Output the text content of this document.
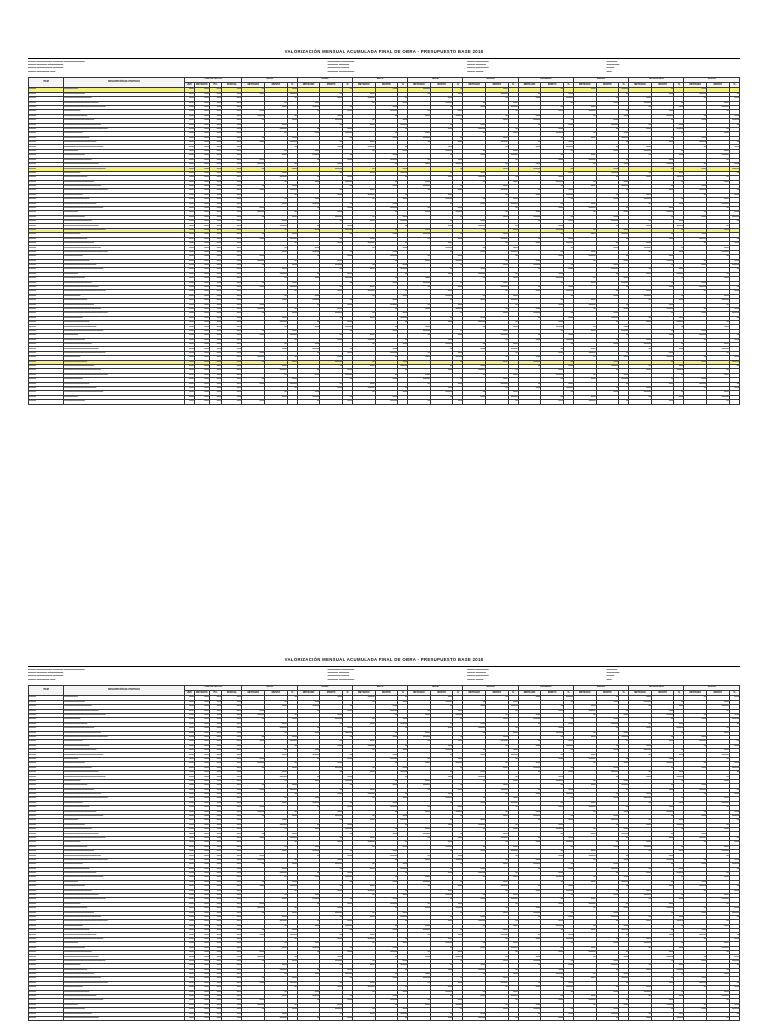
VALORIZACIÓN MENSUAL ACUMULADA FINAL DE OBRA - PRESUPUESTO BASE 2018
▬▬▬ ▬▬▬▬▬▬ ▬▬▬▬ ▬▬▬▬▬▬▬▬
▬▬▬ ▬▬▬▬ ▬▬▬▬▬▬
▬▬▬ ▬▬▬▬▬▬ ▬▬▬▬
▬▬▬ ▬▬▬▬▬ ▬▬
▬▬▬▬▬ ▬▬▬▬▬
▬▬▬▬ ▬▬▬▬
▬▬▬▬▬ ▬▬▬
▬▬▬▬ ▬▬▬▬▬▬
▬▬▬ ▬▬▬▬▬
▬▬▬ ▬▬▬▬
▬▬▬ ▬▬▬▬▬
▬▬▬ ▬▬▬
▬▬▬▬
▬▬▬▬▬
▬▬▬
▬▬
ITEM	DESCRIPCIÓN DE PARTIDAS	PRESUPUESTO				JULIO			JUNIO			MAYO			ABRIL			MARZO			FEBRERO			ENERO			ACUMULADO			SALDO		
		UND	METRADO	P.U.	PARCIAL	METRADO	MONTO	%	METRADO	MONTO	%	METRADO	MONTO	%	METRADO	MONTO	%	METRADO	MONTO	%	METRADO	MONTO	%	METRADO	MONTO	%	METRADO	MONTO	%	METRADO	MONTO	%
▬▬▬	▬▬▬▬▬▬	▬▬	▬▬	▬▬	▬▬	▬		▬▬			▬		▬▬		▬▬▬		▬		▬▬			▬		▬▬		▬▬▬		▬		▬▬		
▬▬▬	▬▬▬▬▬▬▬▬▬	▬▬	▬▬	▬▬	▬▬	▬▬		▬▬▬		▬		▬▬			▬		▬▬		▬▬▬		▬		▬▬			▬		▬▬		▬▬▬		▬
▬▬▬	▬▬▬▬▬▬▬▬▬▬▬▬	▬▬	▬▬	▬▬	▬▬			▬		▬▬		▬▬▬		▬		▬▬			▬		▬▬		▬▬▬		▬		▬▬			▬		▬▬
▬▬▬	▬▬▬▬▬▬▬▬▬▬▬▬▬▬▬	▬▬	▬▬	▬▬	▬▬		▬		▬▬			▬		▬▬		▬▬▬		▬		▬▬			▬		▬▬		▬▬▬		▬		▬▬	
▬▬▬	▬▬▬▬▬▬▬▬▬▬▬▬▬▬▬▬▬▬	▬▬	▬▬	▬▬	▬▬		▬▬		▬▬▬		▬		▬▬			▬		▬▬		▬▬▬		▬		▬▬			▬		▬▬		▬▬▬	
▬▬▬	▬▬▬▬▬▬▬	▬▬	▬▬	▬▬	▬▬	▬▬			▬		▬▬		▬▬▬		▬		▬▬			▬		▬▬		▬▬▬		▬		▬▬			▬	
▬▬▬	▬▬▬▬▬▬▬▬▬▬	▬▬	▬▬	▬▬	▬▬	▬▬▬		▬		▬▬			▬		▬▬		▬▬▬		▬		▬▬			▬		▬▬		▬▬▬		▬		▬▬
▬▬▬	▬▬▬▬▬▬▬▬▬▬▬▬▬	▬▬	▬▬	▬▬	▬▬	▬		▬▬		▬▬▬		▬		▬▬			▬		▬▬		▬▬▬		▬		▬▬			▬		▬▬		▬▬▬
▬▬▬	▬▬▬▬▬▬▬▬▬▬▬▬▬▬▬▬	▬▬	▬▬	▬▬	▬▬		▬▬			▬		▬▬		▬▬▬		▬		▬▬			▬		▬▬		▬▬▬		▬		▬▬			▬
▬▬▬	▬▬▬▬▬▬▬▬▬▬▬▬▬▬▬▬▬▬▬	▬▬	▬▬	▬▬	▬▬		▬▬▬		▬		▬▬			▬		▬▬		▬▬▬		▬		▬▬			▬		▬▬		▬▬▬		▬	
▬▬▬	▬▬▬▬▬▬▬▬	▬▬	▬▬	▬▬	▬▬		▬		▬▬		▬▬▬		▬		▬▬			▬		▬▬		▬▬▬		▬		▬▬			▬		▬▬	
▬▬▬	▬▬▬▬▬▬▬▬▬▬▬	▬▬	▬▬	▬▬	▬▬	▬		▬▬			▬		▬▬		▬▬▬		▬		▬▬			▬		▬▬		▬▬▬		▬		▬▬		
▬▬▬	▬▬▬▬▬▬▬▬▬▬▬▬▬▬	▬▬	▬▬	▬▬	▬▬	▬▬		▬▬▬		▬		▬▬			▬		▬▬		▬▬▬		▬		▬▬			▬		▬▬		▬▬▬		▬
▬▬▬	▬▬▬▬▬▬▬▬▬▬▬▬▬▬▬▬▬	▬▬	▬▬	▬▬	▬▬			▬		▬▬		▬▬▬		▬		▬▬			▬		▬▬		▬▬▬		▬		▬▬			▬		▬▬
▬▬▬	▬▬▬▬▬▬	▬▬	▬▬	▬▬	▬▬		▬		▬▬			▬		▬▬		▬▬▬		▬		▬▬			▬		▬▬		▬▬▬		▬		▬▬	
▬▬▬	▬▬▬▬▬▬▬▬▬	▬▬	▬▬	▬▬	▬▬		▬▬		▬▬▬		▬		▬▬			▬		▬▬		▬▬▬		▬		▬▬			▬		▬▬		▬▬▬	
▬▬▬	▬▬▬▬▬▬▬▬▬▬▬▬	▬▬	▬▬	▬▬	▬▬	▬▬			▬		▬▬		▬▬▬		▬		▬▬			▬		▬▬		▬▬▬		▬		▬▬			▬	
▬▬▬	▬▬▬▬▬▬▬▬▬▬▬▬▬▬▬	▬▬	▬▬	▬▬	▬▬	▬▬▬		▬		▬▬			▬		▬▬		▬▬▬		▬		▬▬			▬		▬▬		▬▬▬		▬		▬▬
▬▬▬	▬▬▬▬▬▬▬▬▬▬▬▬▬▬▬▬▬▬	▬▬	▬▬	▬▬	▬▬	▬		▬▬		▬▬▬		▬		▬▬			▬		▬▬		▬▬▬		▬		▬▬			▬		▬▬		▬▬▬
▬▬▬	▬▬▬▬▬▬▬	▬▬	▬▬	▬▬	▬▬		▬▬			▬		▬▬		▬▬▬		▬		▬▬			▬		▬▬		▬▬▬		▬		▬▬			▬
▬▬▬	▬▬▬▬▬▬▬▬▬▬	▬▬	▬▬	▬▬	▬▬		▬▬▬		▬		▬▬			▬		▬▬		▬▬▬		▬		▬▬			▬		▬▬		▬▬▬		▬	
▬▬▬	▬▬▬▬▬▬▬▬▬▬▬▬▬	▬▬	▬▬	▬▬	▬▬		▬		▬▬		▬▬▬		▬		▬▬			▬		▬▬		▬▬▬		▬		▬▬			▬		▬▬	
▬▬▬	▬▬▬▬▬▬▬▬▬▬▬▬▬▬▬▬	▬▬	▬▬	▬▬	▬▬	▬		▬▬			▬		▬▬		▬▬▬		▬		▬▬			▬		▬▬		▬▬▬		▬		▬▬		
▬▬▬	▬▬▬▬▬▬▬▬▬▬▬▬▬▬▬▬▬▬▬	▬▬	▬▬	▬▬	▬▬	▬▬		▬▬▬		▬		▬▬			▬		▬▬		▬▬▬		▬		▬▬			▬		▬▬		▬▬▬		▬
▬▬▬	▬▬▬▬▬▬▬▬	▬▬	▬▬	▬▬	▬▬			▬		▬▬		▬▬▬		▬		▬▬			▬		▬▬		▬▬▬		▬		▬▬			▬		▬▬
▬▬▬	▬▬▬▬▬▬▬▬▬▬▬	▬▬	▬▬	▬▬	▬▬		▬		▬▬			▬		▬▬		▬▬▬		▬		▬▬			▬		▬▬		▬▬▬		▬		▬▬	
▬▬▬	▬▬▬▬▬▬▬▬▬▬▬▬▬▬	▬▬	▬▬	▬▬	▬▬		▬▬		▬▬▬		▬		▬▬			▬		▬▬		▬▬▬		▬		▬▬			▬		▬▬		▬▬▬	
▬▬▬	▬▬▬▬▬▬▬▬▬▬▬▬▬▬▬▬▬	▬▬	▬▬	▬▬	▬▬	▬▬			▬		▬▬		▬▬▬		▬		▬▬			▬		▬▬		▬▬▬		▬		▬▬			▬	
▬▬▬	▬▬▬▬▬▬	▬▬	▬▬	▬▬	▬▬	▬▬▬		▬		▬▬			▬		▬▬		▬▬▬		▬		▬▬			▬		▬▬		▬▬▬		▬		▬▬
▬▬▬	▬▬▬▬▬▬▬▬▬	▬▬	▬▬	▬▬	▬▬	▬		▬▬		▬▬▬		▬		▬▬			▬		▬▬		▬▬▬		▬		▬▬			▬		▬▬		▬▬▬
▬▬▬	▬▬▬▬▬▬▬▬▬▬▬▬	▬▬	▬▬	▬▬	▬▬		▬▬			▬		▬▬		▬▬▬		▬		▬▬			▬		▬▬		▬▬▬		▬		▬▬			▬
▬▬▬	▬▬▬▬▬▬▬▬▬▬▬▬▬▬▬	▬▬	▬▬	▬▬	▬▬		▬▬▬		▬		▬▬			▬		▬▬		▬▬▬		▬		▬▬			▬		▬▬		▬▬▬		▬	
▬▬▬	▬▬▬▬▬▬▬▬▬▬▬▬▬▬▬▬▬▬	▬▬	▬▬	▬▬	▬▬		▬		▬▬		▬▬▬		▬		▬▬			▬		▬▬		▬▬▬		▬		▬▬			▬		▬▬	
▬▬▬	▬▬▬▬▬▬▬	▬▬	▬▬	▬▬	▬▬	▬		▬▬			▬		▬▬		▬▬▬		▬		▬▬			▬		▬▬		▬▬▬		▬		▬▬		
▬▬▬	▬▬▬▬▬▬▬▬▬▬	▬▬	▬▬	▬▬	▬▬	▬▬		▬▬▬		▬		▬▬			▬		▬▬		▬▬▬		▬		▬▬			▬		▬▬		▬▬▬		▬
▬▬▬	▬▬▬▬▬▬▬▬▬▬▬▬▬	▬▬	▬▬	▬▬	▬▬			▬		▬▬		▬▬▬		▬		▬▬			▬		▬▬		▬▬▬		▬		▬▬			▬		▬▬
▬▬▬	▬▬▬▬▬▬▬▬▬▬▬▬▬▬▬▬	▬▬	▬▬	▬▬	▬▬		▬		▬▬			▬		▬▬		▬▬▬		▬		▬▬			▬		▬▬		▬▬▬		▬		▬▬	
▬▬▬	▬▬▬▬▬▬▬▬▬▬▬▬▬▬▬▬▬▬▬	▬▬	▬▬	▬▬	▬▬		▬▬		▬▬▬		▬		▬▬			▬		▬▬		▬▬▬		▬		▬▬			▬		▬▬		▬▬▬	
▬▬▬	▬▬▬▬▬▬▬▬	▬▬	▬▬	▬▬	▬▬	▬▬			▬		▬▬		▬▬▬		▬		▬▬			▬		▬▬		▬▬▬		▬		▬▬			▬	
▬▬▬	▬▬▬▬▬▬▬▬▬▬▬	▬▬	▬▬	▬▬	▬▬	▬▬▬		▬		▬▬			▬		▬▬		▬▬▬		▬		▬▬			▬		▬▬		▬▬▬		▬		▬▬
▬▬▬	▬▬▬▬▬▬▬▬▬▬▬▬▬▬	▬▬	▬▬	▬▬	▬▬	▬		▬▬		▬▬▬		▬		▬▬			▬		▬▬		▬▬▬		▬		▬▬			▬		▬▬		▬▬▬
▬▬▬	▬▬▬▬▬▬▬▬▬▬▬▬▬▬▬▬▬	▬▬	▬▬	▬▬	▬▬		▬▬			▬		▬▬		▬▬▬		▬		▬▬			▬		▬▬		▬▬▬		▬		▬▬			▬
▬▬▬	▬▬▬▬▬▬	▬▬	▬▬	▬▬	▬▬		▬▬▬		▬		▬▬			▬		▬▬		▬▬▬		▬		▬▬			▬		▬▬		▬▬▬		▬	
▬▬▬	▬▬▬▬▬▬▬▬▬	▬▬	▬▬	▬▬	▬▬		▬		▬▬		▬▬▬		▬		▬▬			▬		▬▬		▬▬▬		▬		▬▬			▬		▬▬	
▬▬▬	▬▬▬▬▬▬▬▬▬▬▬▬	▬▬	▬▬	▬▬	▬▬	▬		▬▬			▬		▬▬		▬▬▬		▬		▬▬			▬		▬▬		▬▬▬		▬		▬▬		
▬▬▬	▬▬▬▬▬▬▬▬▬▬▬▬▬▬▬	▬▬	▬▬	▬▬	▬▬	▬▬		▬▬▬		▬		▬▬			▬		▬▬		▬▬▬		▬		▬▬			▬		▬▬		▬▬▬		▬
▬▬▬	▬▬▬▬▬▬▬▬▬▬▬▬▬▬▬▬▬▬	▬▬	▬▬	▬▬	▬▬			▬		▬▬		▬▬▬		▬		▬▬			▬		▬▬		▬▬▬		▬		▬▬			▬		▬▬
▬▬▬	▬▬▬▬▬▬▬	▬▬	▬▬	▬▬	▬▬		▬		▬▬			▬		▬▬		▬▬▬		▬		▬▬			▬		▬▬		▬▬▬		▬		▬▬	
▬▬▬	▬▬▬▬▬▬▬▬▬▬	▬▬	▬▬	▬▬	▬▬		▬▬		▬▬▬		▬		▬▬			▬		▬▬		▬▬▬		▬		▬▬			▬		▬▬		▬▬▬	
▬▬▬	▬▬▬▬▬▬▬▬▬▬▬▬▬	▬▬	▬▬	▬▬	▬▬	▬▬			▬		▬▬		▬▬▬		▬		▬▬			▬		▬▬		▬▬▬		▬		▬▬			▬	
▬▬▬	▬▬▬▬▬▬▬▬▬▬▬▬▬▬▬▬	▬▬	▬▬	▬▬	▬▬	▬▬▬		▬		▬▬			▬		▬▬		▬▬▬		▬		▬▬			▬		▬▬		▬▬▬		▬		▬▬
▬▬▬	▬▬▬▬▬▬▬▬▬▬▬▬▬▬▬▬▬▬▬	▬▬	▬▬	▬▬	▬▬	▬		▬▬		▬▬▬		▬		▬▬			▬		▬▬		▬▬▬		▬		▬▬			▬		▬▬		▬▬▬
▬▬▬	▬▬▬▬▬▬▬▬	▬▬	▬▬	▬▬	▬▬		▬▬			▬		▬▬		▬▬▬		▬		▬▬			▬		▬▬		▬▬▬		▬		▬▬			▬
▬▬▬	▬▬▬▬▬▬▬▬▬▬▬	▬▬	▬▬	▬▬	▬▬		▬▬▬		▬		▬▬			▬		▬▬		▬▬▬		▬		▬▬			▬		▬▬		▬▬▬		▬	
▬▬▬	▬▬▬▬▬▬▬▬▬▬▬▬▬▬	▬▬	▬▬	▬▬	▬▬		▬		▬▬		▬▬▬		▬		▬▬			▬		▬▬		▬▬▬		▬		▬▬			▬		▬▬	
▬▬▬	▬▬▬▬▬▬▬▬▬▬▬▬▬▬▬▬▬	▬▬	▬▬	▬▬	▬▬	▬		▬▬			▬		▬▬		▬▬▬		▬		▬▬			▬		▬▬		▬▬▬		▬		▬▬		
▬▬▬	▬▬▬▬▬▬	▬▬	▬▬	▬▬	▬▬	▬▬		▬▬▬		▬		▬▬			▬		▬▬		▬▬▬		▬		▬▬			▬		▬▬		▬▬▬		▬
▬▬▬	▬▬▬▬▬▬▬▬▬	▬▬	▬▬	▬▬	▬▬			▬		▬▬		▬▬▬		▬		▬▬			▬		▬▬		▬▬▬		▬		▬▬			▬		▬▬
▬▬▬	▬▬▬▬▬▬▬▬▬▬▬▬	▬▬	▬▬	▬▬	▬▬		▬		▬▬			▬		▬▬		▬▬▬		▬		▬▬			▬		▬▬		▬▬▬		▬		▬▬	
▬▬▬	▬▬▬▬▬▬▬▬▬▬▬▬▬▬▬	▬▬	▬▬	▬▬	▬▬		▬▬		▬▬▬		▬		▬▬			▬		▬▬		▬▬▬		▬		▬▬			▬		▬▬		▬▬▬	
▬▬▬	▬▬▬▬▬▬▬▬▬▬▬▬▬▬▬▬▬▬	▬▬	▬▬	▬▬	▬▬	▬▬			▬		▬▬		▬▬▬		▬		▬▬			▬		▬▬		▬▬▬		▬		▬▬			▬	
▬▬▬	▬▬▬▬▬▬▬	▬▬	▬▬	▬▬	▬▬	▬▬▬		▬		▬▬			▬		▬▬		▬▬▬		▬		▬▬			▬		▬▬		▬▬▬		▬		▬▬
▬▬▬	▬▬▬▬▬▬▬▬▬▬	▬▬	▬▬	▬▬	▬▬	▬		▬▬		▬▬▬		▬		▬▬			▬		▬▬		▬▬▬		▬		▬▬			▬		▬▬		▬▬▬
▬▬▬	▬▬▬▬▬▬▬▬▬▬▬▬▬	▬▬	▬▬	▬▬	▬▬		▬▬			▬		▬▬		▬▬▬		▬		▬▬			▬		▬▬		▬▬▬		▬		▬▬			▬
▬▬▬	▬▬▬▬▬▬▬▬▬▬▬▬▬▬▬▬	▬▬	▬▬	▬▬	▬▬		▬▬▬		▬		▬▬			▬		▬▬		▬▬▬		▬		▬▬			▬		▬▬		▬▬▬		▬	
▬▬▬	▬▬▬▬▬▬▬▬▬▬▬▬▬▬▬▬▬▬▬	▬▬	▬▬	▬▬	▬▬		▬		▬▬		▬▬▬		▬		▬▬			▬		▬▬		▬▬▬		▬		▬▬			▬		▬▬	
▬▬▬	▬▬▬▬▬▬▬▬	▬▬	▬▬	▬▬	▬▬	▬		▬▬			▬		▬▬		▬▬▬		▬		▬▬			▬		▬▬		▬▬▬		▬		▬▬		
▬▬▬	▬▬▬▬▬▬▬▬▬▬▬	▬▬	▬▬	▬▬	▬▬	▬▬		▬▬▬		▬		▬▬			▬		▬▬		▬▬▬		▬		▬▬			▬		▬▬		▬▬▬		▬
▬▬▬	▬▬▬▬▬▬▬▬▬▬▬▬▬▬	▬▬	▬▬	▬▬	▬▬			▬		▬▬		▬▬▬		▬		▬▬			▬		▬▬		▬▬▬		▬		▬▬			▬		▬▬
▬▬▬	▬▬▬▬▬▬▬▬▬▬▬▬▬▬▬▬▬	▬▬	▬▬	▬▬	▬▬		▬		▬▬			▬		▬▬		▬▬▬		▬		▬▬			▬		▬▬		▬▬▬		▬		▬▬	
▬▬▬	▬▬▬▬▬▬	▬▬	▬▬	▬▬	▬▬		▬▬		▬▬▬		▬		▬▬			▬		▬▬		▬▬▬		▬		▬▬			▬		▬▬		▬▬▬	
▬▬▬	▬▬▬▬▬▬▬▬▬	▬▬	▬▬	▬▬	▬▬	▬▬			▬		▬▬		▬▬▬		▬		▬▬			▬		▬▬		▬▬▬		▬		▬▬			▬	
VALORIZACIÓN MENSUAL ACUMULADA FINAL DE OBRA - PRESUPUESTO BASE 2018
▬▬▬ ▬▬▬▬▬▬ ▬▬▬▬ ▬▬▬▬▬▬▬▬
▬▬▬ ▬▬▬▬ ▬▬▬▬▬▬
▬▬▬ ▬▬▬▬▬▬ ▬▬▬▬
▬▬▬ ▬▬▬▬▬ ▬▬
▬▬▬▬▬ ▬▬▬▬▬
▬▬▬▬ ▬▬▬▬
▬▬▬▬▬ ▬▬▬
▬▬▬▬ ▬▬▬▬▬▬
▬▬▬ ▬▬▬▬▬
▬▬▬ ▬▬▬▬
▬▬▬ ▬▬▬▬▬
▬▬▬ ▬▬▬
▬▬▬▬
▬▬▬▬▬
▬▬▬
▬▬
ITEM	DESCRIPCIÓN DE PARTIDAS	PRESUPUESTO				JULIO			JUNIO			MAYO			ABRIL			MARZO			FEBRERO			ENERO			ACUMULADO			SALDO		
		UND	METRADO	P.U.	PARCIAL	METRADO	MONTO	%	METRADO	MONTO	%	METRADO	MONTO	%	METRADO	MONTO	%	METRADO	MONTO	%	METRADO	MONTO	%	METRADO	MONTO	%	METRADO	MONTO	%	METRADO	MONTO	%
▬▬▬	▬▬▬▬▬▬	▬▬	▬▬	▬▬	▬▬			▬		▬▬		▬▬▬		▬		▬▬			▬		▬▬		▬▬▬		▬		▬▬			▬		▬▬
▬▬▬	▬▬▬▬▬▬▬▬▬	▬▬	▬▬	▬▬	▬▬		▬		▬▬			▬		▬▬		▬▬▬		▬		▬▬			▬		▬▬		▬▬▬		▬		▬▬	
▬▬▬	▬▬▬▬▬▬▬▬▬▬▬▬	▬▬	▬▬	▬▬	▬▬		▬▬		▬▬▬		▬		▬▬			▬		▬▬		▬▬▬		▬		▬▬			▬		▬▬		▬▬▬	
▬▬▬	▬▬▬▬▬▬▬▬▬▬▬▬▬▬▬	▬▬	▬▬	▬▬	▬▬	▬▬			▬		▬▬		▬▬▬		▬		▬▬			▬		▬▬		▬▬▬		▬		▬▬			▬	
▬▬▬	▬▬▬▬▬▬▬▬▬▬▬▬▬▬▬▬▬▬	▬▬	▬▬	▬▬	▬▬	▬▬▬		▬		▬▬			▬		▬▬		▬▬▬		▬		▬▬			▬		▬▬		▬▬▬		▬		▬▬
▬▬▬	▬▬▬▬▬▬▬	▬▬	▬▬	▬▬	▬▬	▬		▬▬		▬▬▬		▬		▬▬			▬		▬▬		▬▬▬		▬		▬▬			▬		▬▬		▬▬▬
▬▬▬	▬▬▬▬▬▬▬▬▬▬	▬▬	▬▬	▬▬	▬▬		▬▬			▬		▬▬		▬▬▬		▬		▬▬			▬		▬▬		▬▬▬		▬		▬▬			▬
▬▬▬	▬▬▬▬▬▬▬▬▬▬▬▬▬	▬▬	▬▬	▬▬	▬▬		▬▬▬		▬		▬▬			▬		▬▬		▬▬▬		▬		▬▬			▬		▬▬		▬▬▬		▬	
▬▬▬	▬▬▬▬▬▬▬▬▬▬▬▬▬▬▬▬	▬▬	▬▬	▬▬	▬▬		▬		▬▬		▬▬▬		▬		▬▬			▬		▬▬		▬▬▬		▬		▬▬			▬		▬▬	
▬▬▬	▬▬▬▬▬▬▬▬▬▬▬▬▬▬▬▬▬▬▬	▬▬	▬▬	▬▬	▬▬	▬		▬▬			▬		▬▬		▬▬▬		▬		▬▬			▬		▬▬		▬▬▬		▬		▬▬		
▬▬▬	▬▬▬▬▬▬▬▬	▬▬	▬▬	▬▬	▬▬	▬▬		▬▬▬		▬		▬▬			▬		▬▬		▬▬▬		▬		▬▬			▬		▬▬		▬▬▬		▬
▬▬▬	▬▬▬▬▬▬▬▬▬▬▬	▬▬	▬▬	▬▬	▬▬			▬		▬▬		▬▬▬		▬		▬▬			▬		▬▬		▬▬▬		▬		▬▬			▬		▬▬
▬▬▬	▬▬▬▬▬▬▬▬▬▬▬▬▬▬	▬▬	▬▬	▬▬	▬▬		▬		▬▬			▬		▬▬		▬▬▬		▬		▬▬			▬		▬▬		▬▬▬		▬		▬▬	
▬▬▬	▬▬▬▬▬▬▬▬▬▬▬▬▬▬▬▬▬	▬▬	▬▬	▬▬	▬▬		▬▬		▬▬▬		▬		▬▬			▬		▬▬		▬▬▬		▬		▬▬			▬		▬▬		▬▬▬	
▬▬▬	▬▬▬▬▬▬	▬▬	▬▬	▬▬	▬▬	▬▬			▬		▬▬		▬▬▬		▬		▬▬			▬		▬▬		▬▬▬		▬		▬▬			▬	
▬▬▬	▬▬▬▬▬▬▬▬▬	▬▬	▬▬	▬▬	▬▬	▬▬▬		▬		▬▬			▬		▬▬		▬▬▬		▬		▬▬			▬		▬▬		▬▬▬		▬		▬▬
▬▬▬	▬▬▬▬▬▬▬▬▬▬▬▬	▬▬	▬▬	▬▬	▬▬	▬		▬▬		▬▬▬		▬		▬▬			▬		▬▬		▬▬▬		▬		▬▬			▬		▬▬		▬▬▬
▬▬▬	▬▬▬▬▬▬▬▬▬▬▬▬▬▬▬	▬▬	▬▬	▬▬	▬▬		▬▬			▬		▬▬		▬▬▬		▬		▬▬			▬		▬▬		▬▬▬		▬		▬▬			▬
▬▬▬	▬▬▬▬▬▬▬▬▬▬▬▬▬▬▬▬▬▬	▬▬	▬▬	▬▬	▬▬		▬▬▬		▬		▬▬			▬		▬▬		▬▬▬		▬		▬▬			▬		▬▬		▬▬▬		▬	
▬▬▬	▬▬▬▬▬▬▬	▬▬	▬▬	▬▬	▬▬		▬		▬▬		▬▬▬		▬		▬▬			▬		▬▬		▬▬▬		▬		▬▬			▬		▬▬	
▬▬▬	▬▬▬▬▬▬▬▬▬▬	▬▬	▬▬	▬▬	▬▬	▬		▬▬			▬		▬▬		▬▬▬		▬		▬▬			▬		▬▬		▬▬▬		▬		▬▬		
▬▬▬	▬▬▬▬▬▬▬▬▬▬▬▬▬	▬▬	▬▬	▬▬	▬▬	▬▬		▬▬▬		▬		▬▬			▬		▬▬		▬▬▬		▬		▬▬			▬		▬▬		▬▬▬		▬
▬▬▬	▬▬▬▬▬▬▬▬▬▬▬▬▬▬▬▬	▬▬	▬▬	▬▬	▬▬			▬		▬▬		▬▬▬		▬		▬▬			▬		▬▬		▬▬▬		▬		▬▬			▬		▬▬
▬▬▬	▬▬▬▬▬▬▬▬▬▬▬▬▬▬▬▬▬▬▬	▬▬	▬▬	▬▬	▬▬		▬		▬▬			▬		▬▬		▬▬▬		▬		▬▬			▬		▬▬		▬▬▬		▬		▬▬	
▬▬▬	▬▬▬▬▬▬▬▬	▬▬	▬▬	▬▬	▬▬		▬▬		▬▬▬		▬		▬▬			▬		▬▬		▬▬▬		▬		▬▬			▬		▬▬		▬▬▬	
▬▬▬	▬▬▬▬▬▬▬▬▬▬▬	▬▬	▬▬	▬▬	▬▬	▬▬			▬		▬▬		▬▬▬		▬		▬▬			▬		▬▬		▬▬▬		▬		▬▬			▬	
▬▬▬	▬▬▬▬▬▬▬▬▬▬▬▬▬▬	▬▬	▬▬	▬▬	▬▬	▬▬▬		▬		▬▬			▬		▬▬		▬▬▬		▬		▬▬			▬		▬▬		▬▬▬		▬		▬▬
▬▬▬	▬▬▬▬▬▬▬▬▬▬▬▬▬▬▬▬▬	▬▬	▬▬	▬▬	▬▬	▬		▬▬		▬▬▬		▬		▬▬			▬		▬▬		▬▬▬		▬		▬▬			▬		▬▬		▬▬▬
▬▬▬	▬▬▬▬▬▬	▬▬	▬▬	▬▬	▬▬		▬▬			▬		▬▬		▬▬▬		▬		▬▬			▬		▬▬		▬▬▬		▬		▬▬			▬
▬▬▬	▬▬▬▬▬▬▬▬▬	▬▬	▬▬	▬▬	▬▬		▬▬▬		▬		▬▬			▬		▬▬		▬▬▬		▬		▬▬			▬		▬▬		▬▬▬		▬	
▬▬▬	▬▬▬▬▬▬▬▬▬▬▬▬	▬▬	▬▬	▬▬	▬▬		▬		▬▬		▬▬▬		▬		▬▬			▬		▬▬		▬▬▬		▬		▬▬			▬		▬▬	
▬▬▬	▬▬▬▬▬▬▬▬▬▬▬▬▬▬▬	▬▬	▬▬	▬▬	▬▬	▬		▬▬			▬		▬▬		▬▬▬		▬		▬▬			▬		▬▬		▬▬▬		▬		▬▬		
▬▬▬	▬▬▬▬▬▬▬▬▬▬▬▬▬▬▬▬▬▬	▬▬	▬▬	▬▬	▬▬	▬▬		▬▬▬		▬		▬▬			▬		▬▬		▬▬▬		▬		▬▬			▬		▬▬		▬▬▬		▬
▬▬▬	▬▬▬▬▬▬▬	▬▬	▬▬	▬▬	▬▬			▬		▬▬		▬▬▬		▬		▬▬			▬		▬▬		▬▬▬		▬		▬▬			▬		▬▬
▬▬▬	▬▬▬▬▬▬▬▬▬▬	▬▬	▬▬	▬▬	▬▬		▬		▬▬			▬		▬▬		▬▬▬		▬		▬▬			▬		▬▬		▬▬▬		▬		▬▬	
▬▬▬	▬▬▬▬▬▬▬▬▬▬▬▬▬	▬▬	▬▬	▬▬	▬▬		▬▬		▬▬▬		▬		▬▬			▬		▬▬		▬▬▬		▬		▬▬			▬		▬▬		▬▬▬	
▬▬▬	▬▬▬▬▬▬▬▬▬▬▬▬▬▬▬▬	▬▬	▬▬	▬▬	▬▬	▬▬			▬		▬▬		▬▬▬		▬		▬▬			▬		▬▬		▬▬▬		▬		▬▬			▬	
▬▬▬	▬▬▬▬▬▬▬▬▬▬▬▬▬▬▬▬▬▬▬	▬▬	▬▬	▬▬	▬▬	▬▬▬		▬		▬▬			▬		▬▬		▬▬▬		▬		▬▬			▬		▬▬		▬▬▬		▬		▬▬
▬▬▬	▬▬▬▬▬▬▬▬	▬▬	▬▬	▬▬	▬▬	▬		▬▬		▬▬▬		▬		▬▬			▬		▬▬		▬▬▬		▬		▬▬			▬		▬▬		▬▬▬
▬▬▬	▬▬▬▬▬▬▬▬▬▬▬	▬▬	▬▬	▬▬	▬▬		▬▬			▬		▬▬		▬▬▬		▬		▬▬			▬		▬▬		▬▬▬		▬		▬▬			▬
▬▬▬	▬▬▬▬▬▬▬▬▬▬▬▬▬▬	▬▬	▬▬	▬▬	▬▬		▬▬▬		▬		▬▬			▬		▬▬		▬▬▬		▬		▬▬			▬		▬▬		▬▬▬		▬	
▬▬▬	▬▬▬▬▬▬▬▬▬▬▬▬▬▬▬▬▬	▬▬	▬▬	▬▬	▬▬		▬		▬▬		▬▬▬		▬		▬▬			▬		▬▬		▬▬▬		▬		▬▬			▬		▬▬	
▬▬▬	▬▬▬▬▬▬	▬▬	▬▬	▬▬	▬▬	▬		▬▬			▬		▬▬		▬▬▬		▬		▬▬			▬		▬▬		▬▬▬		▬		▬▬		
▬▬▬	▬▬▬▬▬▬▬▬▬	▬▬	▬▬	▬▬	▬▬	▬▬		▬▬▬		▬		▬▬			▬		▬▬		▬▬▬		▬		▬▬			▬		▬▬		▬▬▬		▬
▬▬▬	▬▬▬▬▬▬▬▬▬▬▬▬	▬▬	▬▬	▬▬	▬▬			▬		▬▬		▬▬▬		▬		▬▬			▬		▬▬		▬▬▬		▬		▬▬			▬		▬▬
▬▬▬	▬▬▬▬▬▬▬▬▬▬▬▬▬▬▬	▬▬	▬▬	▬▬	▬▬		▬		▬▬			▬		▬▬		▬▬▬		▬		▬▬			▬		▬▬		▬▬▬		▬		▬▬	
▬▬▬	▬▬▬▬▬▬▬▬▬▬▬▬▬▬▬▬▬▬	▬▬	▬▬	▬▬	▬▬		▬▬		▬▬▬		▬		▬▬			▬		▬▬		▬▬▬		▬		▬▬			▬		▬▬		▬▬▬	
▬▬▬	▬▬▬▬▬▬▬	▬▬	▬▬	▬▬	▬▬	▬▬			▬		▬▬		▬▬▬		▬		▬▬			▬		▬▬		▬▬▬		▬		▬▬			▬	
▬▬▬	▬▬▬▬▬▬▬▬▬▬	▬▬	▬▬	▬▬	▬▬	▬▬▬		▬		▬▬			▬		▬▬		▬▬▬		▬		▬▬			▬		▬▬		▬▬▬		▬		▬▬
▬▬▬	▬▬▬▬▬▬▬▬▬▬▬▬▬	▬▬	▬▬	▬▬	▬▬	▬		▬▬		▬▬▬		▬		▬▬			▬		▬▬		▬▬▬		▬		▬▬			▬		▬▬		▬▬▬
▬▬▬	▬▬▬▬▬▬▬▬▬▬▬▬▬▬▬▬	▬▬	▬▬	▬▬	▬▬		▬▬			▬		▬▬		▬▬▬		▬		▬▬			▬		▬▬		▬▬▬		▬		▬▬			▬
▬▬▬	▬▬▬▬▬▬▬▬▬▬▬▬▬▬▬▬▬▬▬	▬▬	▬▬	▬▬	▬▬		▬▬▬		▬		▬▬			▬		▬▬		▬▬▬		▬		▬▬			▬		▬▬		▬▬▬		▬	
▬▬▬	▬▬▬▬▬▬▬▬	▬▬	▬▬	▬▬	▬▬		▬		▬▬		▬▬▬		▬		▬▬			▬		▬▬		▬▬▬		▬		▬▬			▬		▬▬	
▬▬▬	▬▬▬▬▬▬▬▬▬▬▬	▬▬	▬▬	▬▬	▬▬	▬		▬▬			▬		▬▬		▬▬▬		▬		▬▬			▬		▬▬		▬▬▬		▬		▬▬		
▬▬▬	▬▬▬▬▬▬▬▬▬▬▬▬▬▬	▬▬	▬▬	▬▬	▬▬	▬▬		▬▬▬		▬		▬▬			▬		▬▬		▬▬▬		▬		▬▬			▬		▬▬		▬▬▬		▬
▬▬▬	▬▬▬▬▬▬▬▬▬▬▬▬▬▬▬▬▬	▬▬	▬▬	▬▬	▬▬			▬		▬▬		▬▬▬		▬		▬▬			▬		▬▬		▬▬▬		▬		▬▬			▬		▬▬
▬▬▬	▬▬▬▬▬▬	▬▬	▬▬	▬▬	▬▬		▬		▬▬			▬		▬▬		▬▬▬		▬		▬▬			▬		▬▬		▬▬▬		▬		▬▬	
▬▬▬	▬▬▬▬▬▬▬▬▬	▬▬	▬▬	▬▬	▬▬		▬▬		▬▬▬		▬		▬▬			▬		▬▬		▬▬▬		▬		▬▬			▬		▬▬		▬▬▬	
▬▬▬	▬▬▬▬▬▬▬▬▬▬▬▬	▬▬	▬▬	▬▬	▬▬	▬▬			▬		▬▬		▬▬▬		▬		▬▬			▬		▬▬		▬▬▬		▬		▬▬			▬	
▬▬▬	▬▬▬▬▬▬▬▬▬▬▬▬▬▬▬	▬▬	▬▬	▬▬	▬▬	▬▬▬		▬		▬▬			▬		▬▬		▬▬▬		▬		▬▬			▬		▬▬		▬▬▬		▬		▬▬
▬▬▬	▬▬▬▬▬▬▬▬▬▬▬▬▬▬▬▬▬▬	▬▬	▬▬	▬▬	▬▬	▬		▬▬		▬▬▬		▬		▬▬			▬		▬▬		▬▬▬		▬		▬▬			▬		▬▬		▬▬▬
▬▬▬	▬▬▬▬▬▬▬	▬▬	▬▬	▬▬	▬▬		▬▬			▬		▬▬		▬▬▬		▬		▬▬			▬		▬▬		▬▬▬		▬		▬▬			▬
▬▬▬	▬▬▬▬▬▬▬▬▬▬	▬▬	▬▬	▬▬	▬▬		▬▬▬		▬		▬▬			▬		▬▬		▬▬▬		▬		▬▬			▬		▬▬		▬▬▬		▬	
▬▬▬	▬▬▬▬▬▬▬▬▬▬▬▬▬	▬▬	▬▬	▬▬	▬▬		▬		▬▬		▬▬▬		▬		▬▬			▬		▬▬		▬▬▬		▬		▬▬			▬		▬▬	
▬▬▬	▬▬▬▬▬▬▬▬▬▬▬▬▬▬▬▬	▬▬	▬▬	▬▬	▬▬	▬		▬▬			▬		▬▬		▬▬▬		▬		▬▬			▬		▬▬		▬▬▬		▬		▬▬		
▬▬▬	▬▬▬▬▬▬▬▬▬▬▬▬▬▬▬▬▬▬▬	▬▬	▬▬	▬▬	▬▬	▬▬		▬▬▬		▬		▬▬			▬		▬▬		▬▬▬		▬		▬▬			▬		▬▬		▬▬▬		▬
▬▬▬	▬▬▬▬▬▬▬▬	▬▬	▬▬	▬▬	▬▬			▬		▬▬		▬▬▬		▬		▬▬			▬		▬▬		▬▬▬		▬		▬▬			▬		▬▬
▬▬▬	▬▬▬▬▬▬▬▬▬▬▬	▬▬	▬▬	▬▬	▬▬		▬		▬▬			▬		▬▬		▬▬▬		▬		▬▬			▬		▬▬		▬▬▬		▬		▬▬	
▬▬▬	▬▬▬▬▬▬▬▬▬▬▬▬▬▬	▬▬	▬▬	▬▬	▬▬		▬▬		▬▬▬		▬		▬▬			▬		▬▬		▬▬▬		▬		▬▬			▬		▬▬		▬▬▬	
▬▬▬	▬▬▬▬▬▬▬▬▬▬▬▬▬▬▬▬▬	▬▬	▬▬	▬▬	▬▬	▬▬			▬		▬▬		▬▬▬		▬		▬▬			▬		▬▬		▬▬▬		▬		▬▬			▬	
▬▬▬	▬▬▬▬▬▬	▬▬	▬▬	▬▬	▬▬	▬▬▬		▬		▬▬			▬		▬▬		▬▬▬		▬		▬▬			▬		▬▬		▬▬▬		▬		▬▬
▬▬▬	▬▬▬▬▬▬▬▬▬	▬▬	▬▬	▬▬	▬▬	▬		▬▬		▬▬▬		▬		▬▬			▬		▬▬		▬▬▬		▬		▬▬			▬		▬▬		▬▬▬
▬▬▬	▬▬▬▬▬▬▬▬▬▬▬▬	▬▬	▬▬	▬▬	▬▬		▬▬			▬		▬▬		▬▬▬		▬		▬▬			▬		▬▬		▬▬▬		▬		▬▬			▬
▬▬▬	▬▬▬▬▬▬▬▬▬▬▬▬▬▬▬	▬▬	▬▬	▬▬	▬▬		▬▬▬		▬		▬▬			▬		▬▬		▬▬▬		▬		▬▬			▬		▬▬		▬▬▬		▬	
